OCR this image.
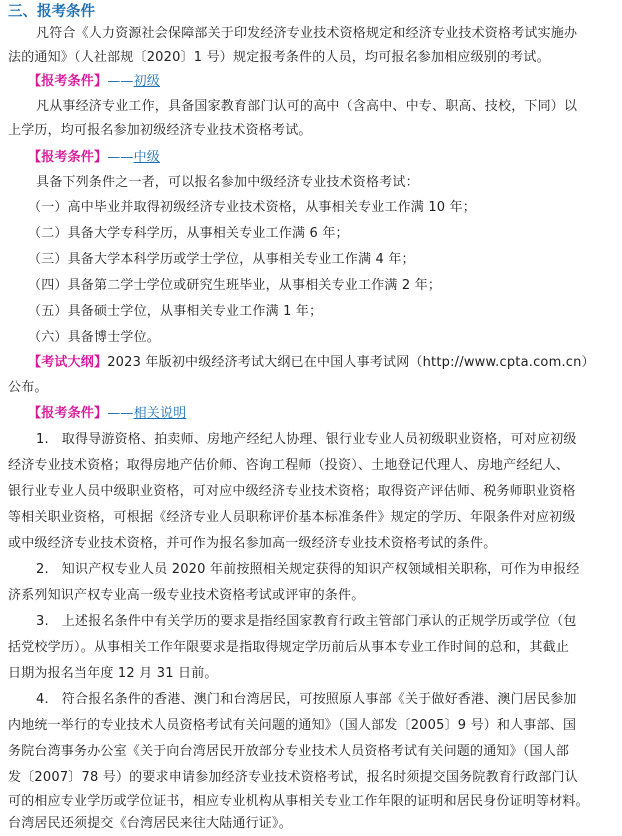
三、报考条件
凡符合《人力资源社会保障部关于印发经济专业技术资格规定和经济专业技术资格考试实施办
法的通知》（人社部规〔2020〕1 号）规定报考条件的人员，均可报名参加相应级别的考试。
【报考条件】——初级
凡从事经济专业工作，具备国家教育部门认可的高中（含高中、中专、职高、技校，下同）以
上学历，均可报名参加初级经济专业技术资格考试。
【报考条件】——中级
具备下列条件之一者，可以报名参加中级经济专业技术资格考试：
（一）高中毕业并取得初级经济专业技术资格，从事相关专业工作满 10 年；
（二）具备大学专科学历，从事相关专业工作满 6 年；
（三）具备大学本科学历或学士学位，从事相关专业工作满 4 年；
（四）具备第二学士学位或研究生班毕业，从事相关专业工作满 2 年；
（五）具备硕士学位，从事相关专业工作满 1 年；
（六）具备博士学位。
【考试大纲】2023 年版初中级经济考试大纲已在中国人事考试网（http://www.cpta.com.cn）
公布。
【报考条件】——相关说明
1.   取得导游资格、拍卖师、房地产经纪人协理、银行业专业人员初级职业资格，可对应初级
经济专业技术资格；取得房地产估价师、咨询工程师（投资）、土地登记代理人、房地产经纪人、
银行业专业人员中级职业资格，可对应中级经济专业技术资格；取得资产评估师、税务师职业资格
等相关职业资格，可根据《经济专业人员职称评价基本标准条件》规定的学历、年限条件对应初级
或中级经济专业技术资格，并可作为报名参加高一级经济专业技术资格考试的条件。
2.   知识产权专业人员 2020 年前按照相关规定获得的知识产权领域相关职称，可作为申报经
济系列知识产权专业高一级专业技术资格考试或评审的条件。
3.   上述报名条件中有关学历的要求是指经国家教育行政主管部门承认的正规学历或学位（包
括党校学历）。从事相关工作年限要求是指取得规定学历前后从事本专业工作时间的总和，其截止
日期为报名当年度 12 月 31 日前。
4.   符合报名条件的香港、澳门和台湾居民，可按照原人事部《关于做好香港、澳门居民参加
内地统一举行的专业技术人员资格考试有关问题的通知》（国人部发〔2005〕9 号）和人事部、国
务院台湾事务办公室《关于向台湾居民开放部分专业技术人员资格考试有关问题的通知》（国人部
发〔2007〕78 号）的要求申请参加经济专业技术资格考试，报名时须提交国务院教育行政部门认
可的相应专业学历或学位证书，相应专业机构从事相关专业工作年限的证明和居民身份证明等材料。
台湾居民还须提交《台湾居民来往大陆通行证》。
